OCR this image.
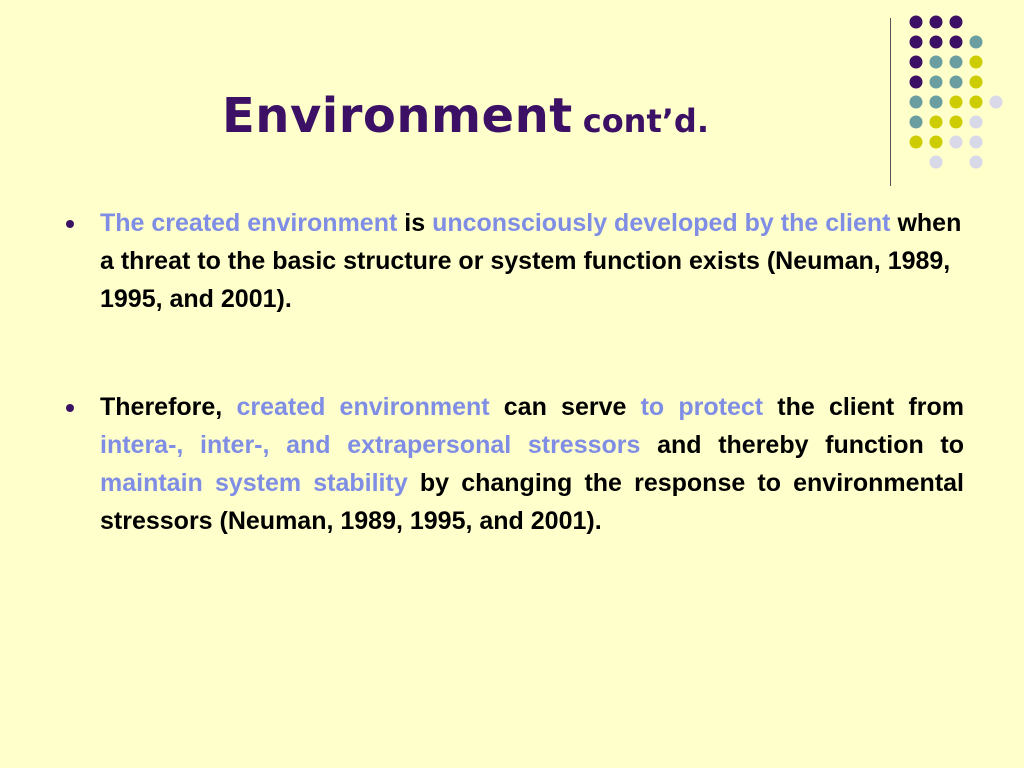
Environment cont’d.
The created environment is unconsciously developed by the client when a threat to the basic structure or system function exists (Neuman, 1989, 1995, and 2001).
Therefore, created environment can serve to protect the client from intera-, inter-, and extrapersonal stressors and thereby function to maintain system stability by changing the response to environmental stressors (Neuman, 1989, 1995, and 2001).
